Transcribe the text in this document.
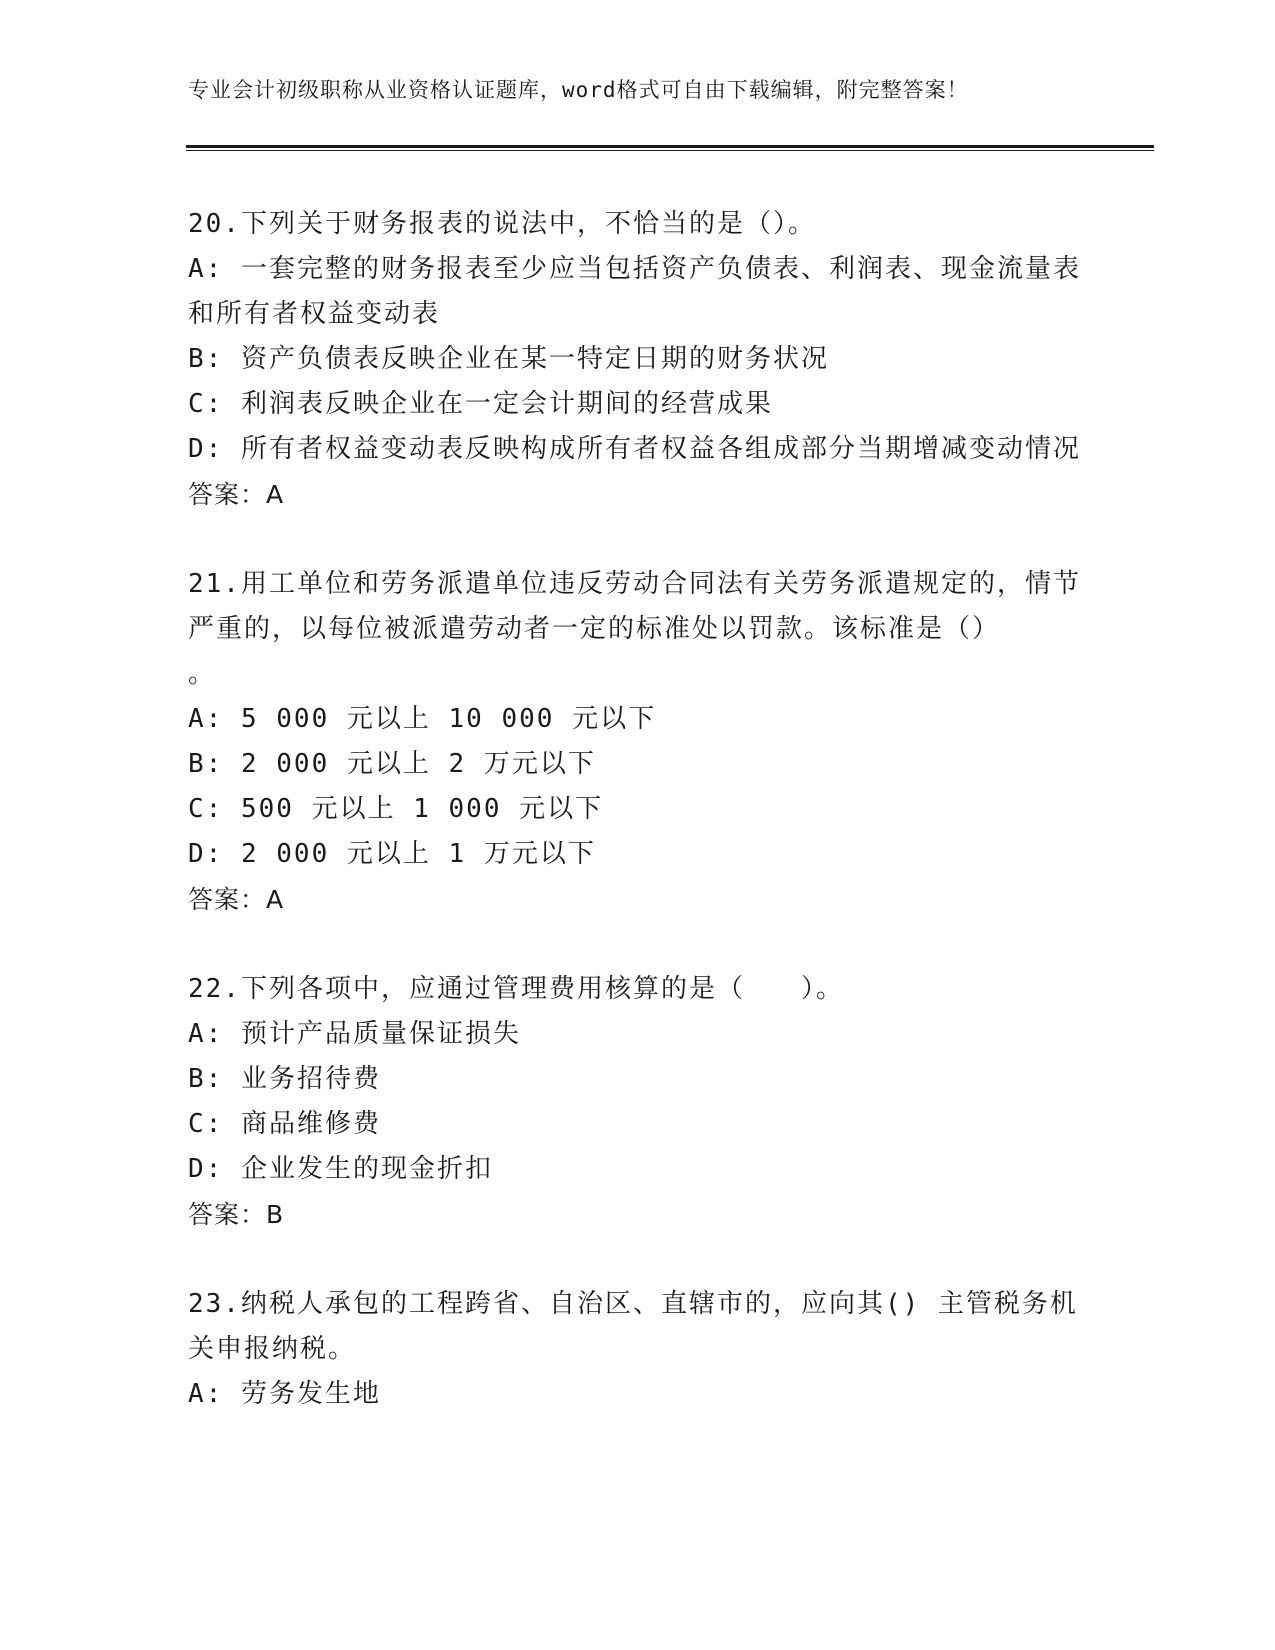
专业会计初级职称从业资格认证题库，word格式可自由下载编辑，附完整答案！
20.下列关于财务报表的说法中，不恰当的是（）。
A: 一套完整的财务报表至少应当包括资产负债表、利润表、现金流量表和所有者权益变动表
B: 资产负债表反映企业在某一特定日期的财务状况
C: 利润表反映企业在一定会计期间的经营成果
D: 所有者权益变动表反映构成所有者权益各组成部分当期增减变动情况
答案：A
21.用工单位和劳务派遣单位违反劳动合同法有关劳务派遣规定的，情节严重的，以每位被派遣劳动者一定的标准处以罚款。该标准是（）
。
A: 5 000 元以上 10 000 元以下
B: 2 000 元以上 2 万元以下
C: 500 元以上 1 000 元以下
D: 2 000 元以上 1 万元以下
答案：A
22.下列各项中，应通过管理费用核算的是（　　）。
A: 预计产品质量保证损失
B: 业务招待费
C: 商品维修费
D: 企业发生的现金折扣
答案：B
23.纳税人承包的工程跨省、自治区、直辖市的，应向其() 主管税务机关申报纳税。
A: 劳务发生地
